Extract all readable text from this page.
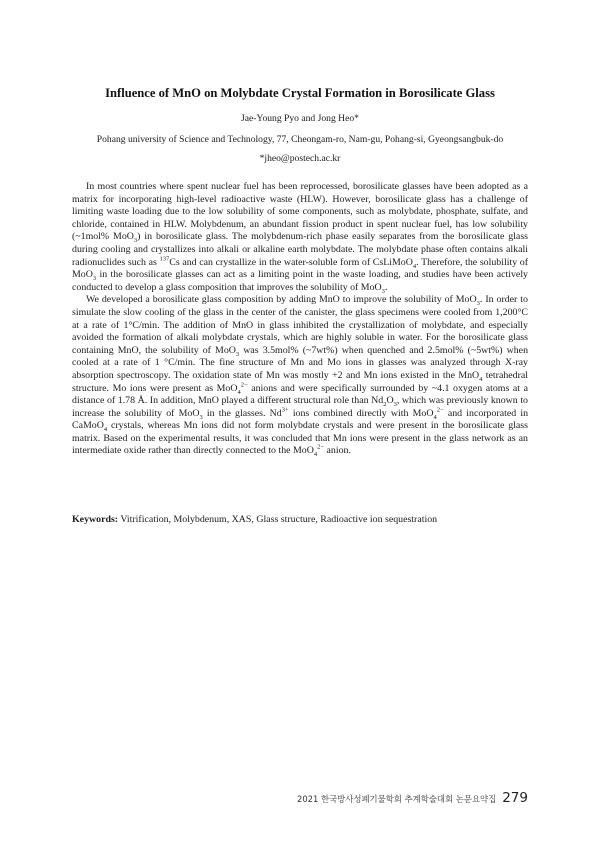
Influence of MnO on Molybdate Crystal Formation in Borosilicate Glass
Jae-Young Pyo and Jong Heo*
Pohang university of Science and Technology, 77, Cheongam-ro, Nam-gu, Pohang-si, Gyeongsangbuk-do
*jheo@postech.ac.kr

In most countries where spent nuclear fuel has been reprocessed, borosilicate glasses have been adopted as a matrix for incorporating high-level radioactive waste (HLW). However, borosilicate glass has a challenge of limiting waste loading due to the low solubility of some components, such as molybdate, phosphate, sulfate, and chloride, contained in HLW. Molybdenum, an abundant fission product in spent nuclear fuel, has low solubility (~1mol% MoO$_3$) in borosilicate glass. The molybdenum-rich phase easily separates from the borosilicate glass during cooling and crystallizes into alkali or alkaline earth molybdate. The molybdate phase often contains alkali radionuclides such as $^{137}$Cs and can crystallize in the water-soluble form of CsLiMoO$_4$. Therefore, the solubility of MoO$_3$ in the borosilicate glasses can act as a limiting point in the waste loading, and studies have been actively conducted to develop a glass composition that improves the solubility of MoO$_3$.

We developed a borosilicate glass composition by adding MnO to improve the solubility of MoO$_3$. In order to simulate the slow cooling of the glass in the center of the canister, the glass specimens were cooled from 1,200°C at a rate of 1°C/min. The addition of MnO in glass inhibited the crystallization of molybdate, and especially avoided the formation of alkali molybdate crystals, which are highly soluble in water. For the borosilicate glass containing MnO, the solubility of MoO$_3$ was 3.5mol% (~7wt%) when quenched and 2.5mol% (~5wt%) when cooled at a rate of 1 °C/min. The fine structure of Mn and Mo ions in glasses was analyzed through X-ray absorption spectroscopy. The oxidation state of Mn was mostly +2 and Mn ions existed in the MnO$_4$ tetrahedral structure. Mo ions were present as MoO$_4^{2-}$ anions and were specifically surrounded by ~4.1 oxygen atoms at a distance of 1.78 Å. In addition, MnO played a different structural role than $Nd_2O_3$, which was previously known to increase the solubility of MoO$_3$ in the glasses. $Nd^{3+}$ ions combined directly with MoO$_4^{2-}$ and incorporated in CaMoO$_4$ crystals, whereas Mn ions did not form molybdate crystals and were present in the borosilicate glass matrix. Based on the experimental results, it was concluded that Mn ions were present in the glass network as an intermediate oxide rather than directly connected to the MoO$_4^{2-}$ anion.

Keywords: Vitrification, Molybdenum, XAS, Glass structure, Radioactive ion sequestration
2021 한국방사성폐기물학회 추계학술대회 논문요약집 279
